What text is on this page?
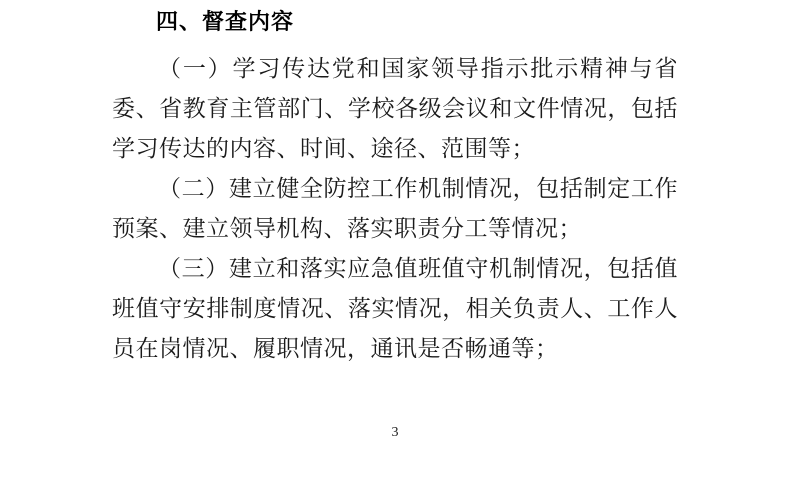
四、督查内容

（一）学习传达党和国家领导指示批示精神与省委、省教育主管部门、学校各级会议和文件情况，包括学习传达的内容、时间、途径、范围等；

（二）建立健全防控工作机制情况，包括制定工作预案、建立领导机构、落实职责分工等情况；

（三）建立和落实应急值班值守机制情况，包括值班值守安排制度情况、落实情况，相关负责人、工作人员在岗情况、履职情况，通讯是否畅通等；

3
